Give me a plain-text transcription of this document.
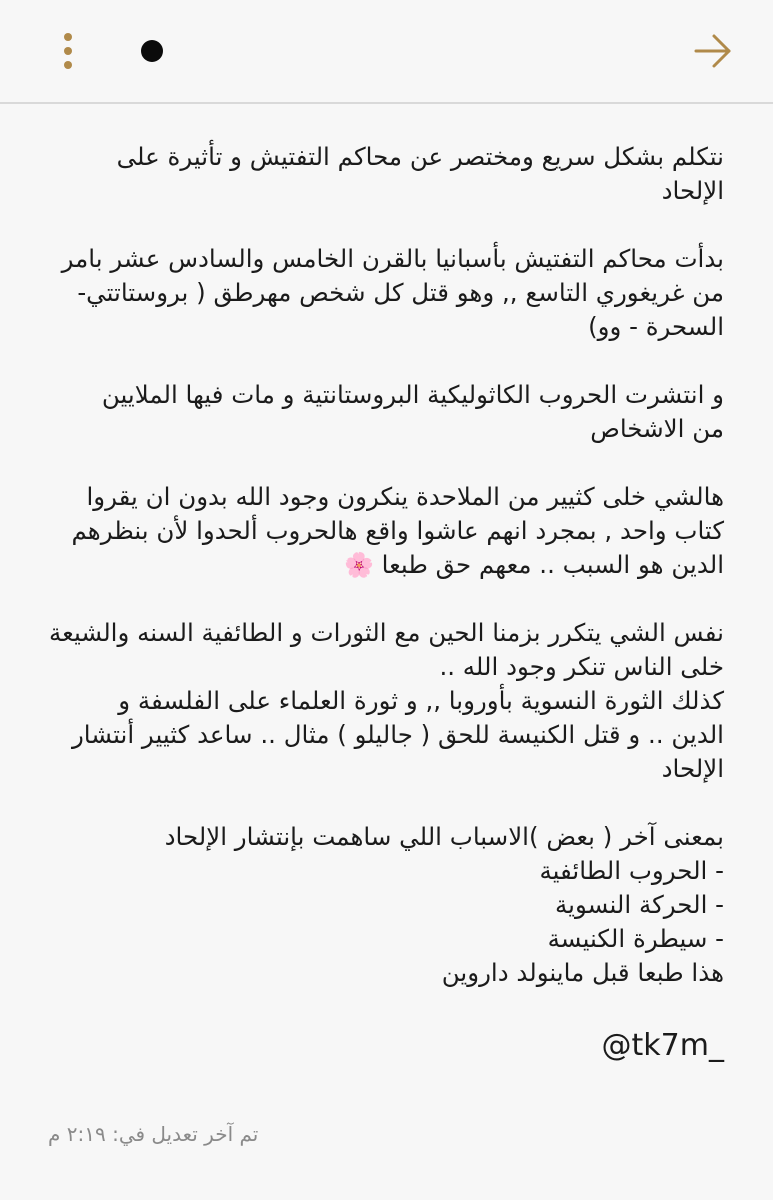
نتكلم بشكل سريع ومختصر عن محاكم التفتيش و تأثيرة على
الإلحاد
بدأت محاكم التفتيش بأسبانيا بالقرن الخامس والسادس عشر بامر
من غريغوري التاسع ,, وهو قتل كل شخص مهرطق ( بروستاتتي-
السحرة - وو)
و انتشرت الحروب الكاثوليكية البروستانتية و مات فيها الملايين
من الاشخاص
هالشي خلى كثيير من الملاحدة ينكرون وجود الله بدون ان يقروا
كتاب واحد , بمجرد انهم عاشوا واقع هالحروب ألحدوا لأن بنظرهم
الدين هو السبب .. معهم حق طبعا 🌸
نفس الشي يتكرر بزمنا الحين مع الثورات و الطائفية السنه والشيعة
خلى الناس تنكر وجود الله ..
كذلك الثورة النسوية بأوروبا ,, و ثورة العلماء على الفلسفة و
الدين .. و قتل الكنيسة للحق ( جاليلو ) مثال .. ساعد كثيير أنتشار
الإلحاد
بمعنى آخر ( بعض )الاسباب اللي ساهمت بإنتشار الإلحاد
- الحروب الطائفية
- الحركة النسوية
- سيطرة الكنيسة
هذا طبعا قبل ماينولد داروين
@tk7m_
تم آخر تعديل في: ٢:١٩ م
